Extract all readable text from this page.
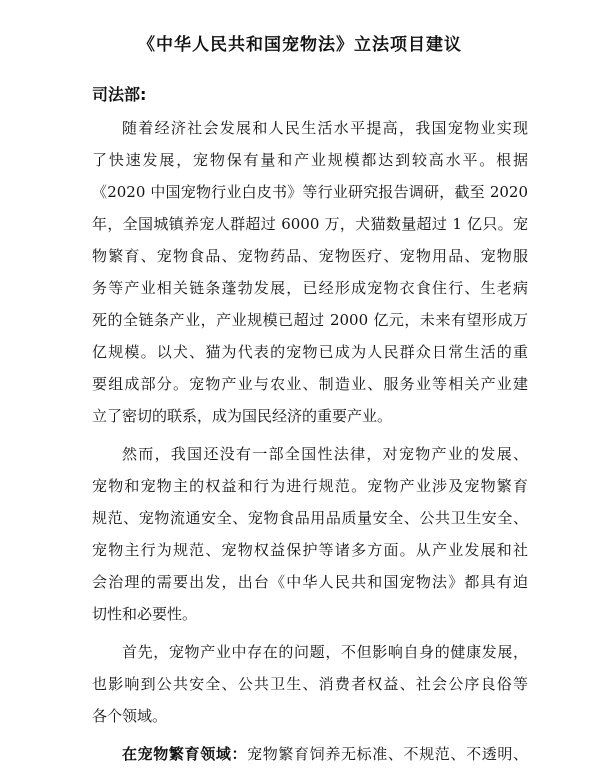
《中华人民共和国宠物法》立法项目建议
司法部:
随着经济社会发展和人民生活水平提高，我国宠物业实现
了快速发展，宠物保有量和产业规模都达到较高水平。根据
《2020 中国宠物行业白皮书》等行业研究报告调研，截至 2020
年，全国城镇养宠人群超过 6000 万，犬猫数量超过 1 亿只。宠
物繁育、宠物食品、宠物药品、宠物医疗、宠物用品、宠物服
务等产业相关链条蓬勃发展，已经形成宠物衣食住行、生老病
死的全链条产业，产业规模已超过 2000 亿元，未来有望形成万
亿规模。以犬、猫为代表的宠物已成为人民群众日常生活的重
要组成部分。宠物产业与农业、制造业、服务业等相关产业建
立了密切的联系，成为国民经济的重要产业。
然而，我国还没有一部全国性法律，对宠物产业的发展、
宠物和宠物主的权益和行为进行规范。宠物产业涉及宠物繁育
规范、宠物流通安全、宠物食品用品质量安全、公共卫生安全、
宠物主行为规范、宠物权益保护等诸多方面。从产业发展和社
会治理的需要出发，出台《中华人民共和国宠物法》都具有迫
切性和必要性。
首先，宠物产业中存在的问题，不但影响自身的健康发展，
也影响到公共安全、公共卫生、消费者权益、社会公序良俗等
各个领域。
在宠物繁育领域：宠物繁育饲养无标准、不规范、不透明、
